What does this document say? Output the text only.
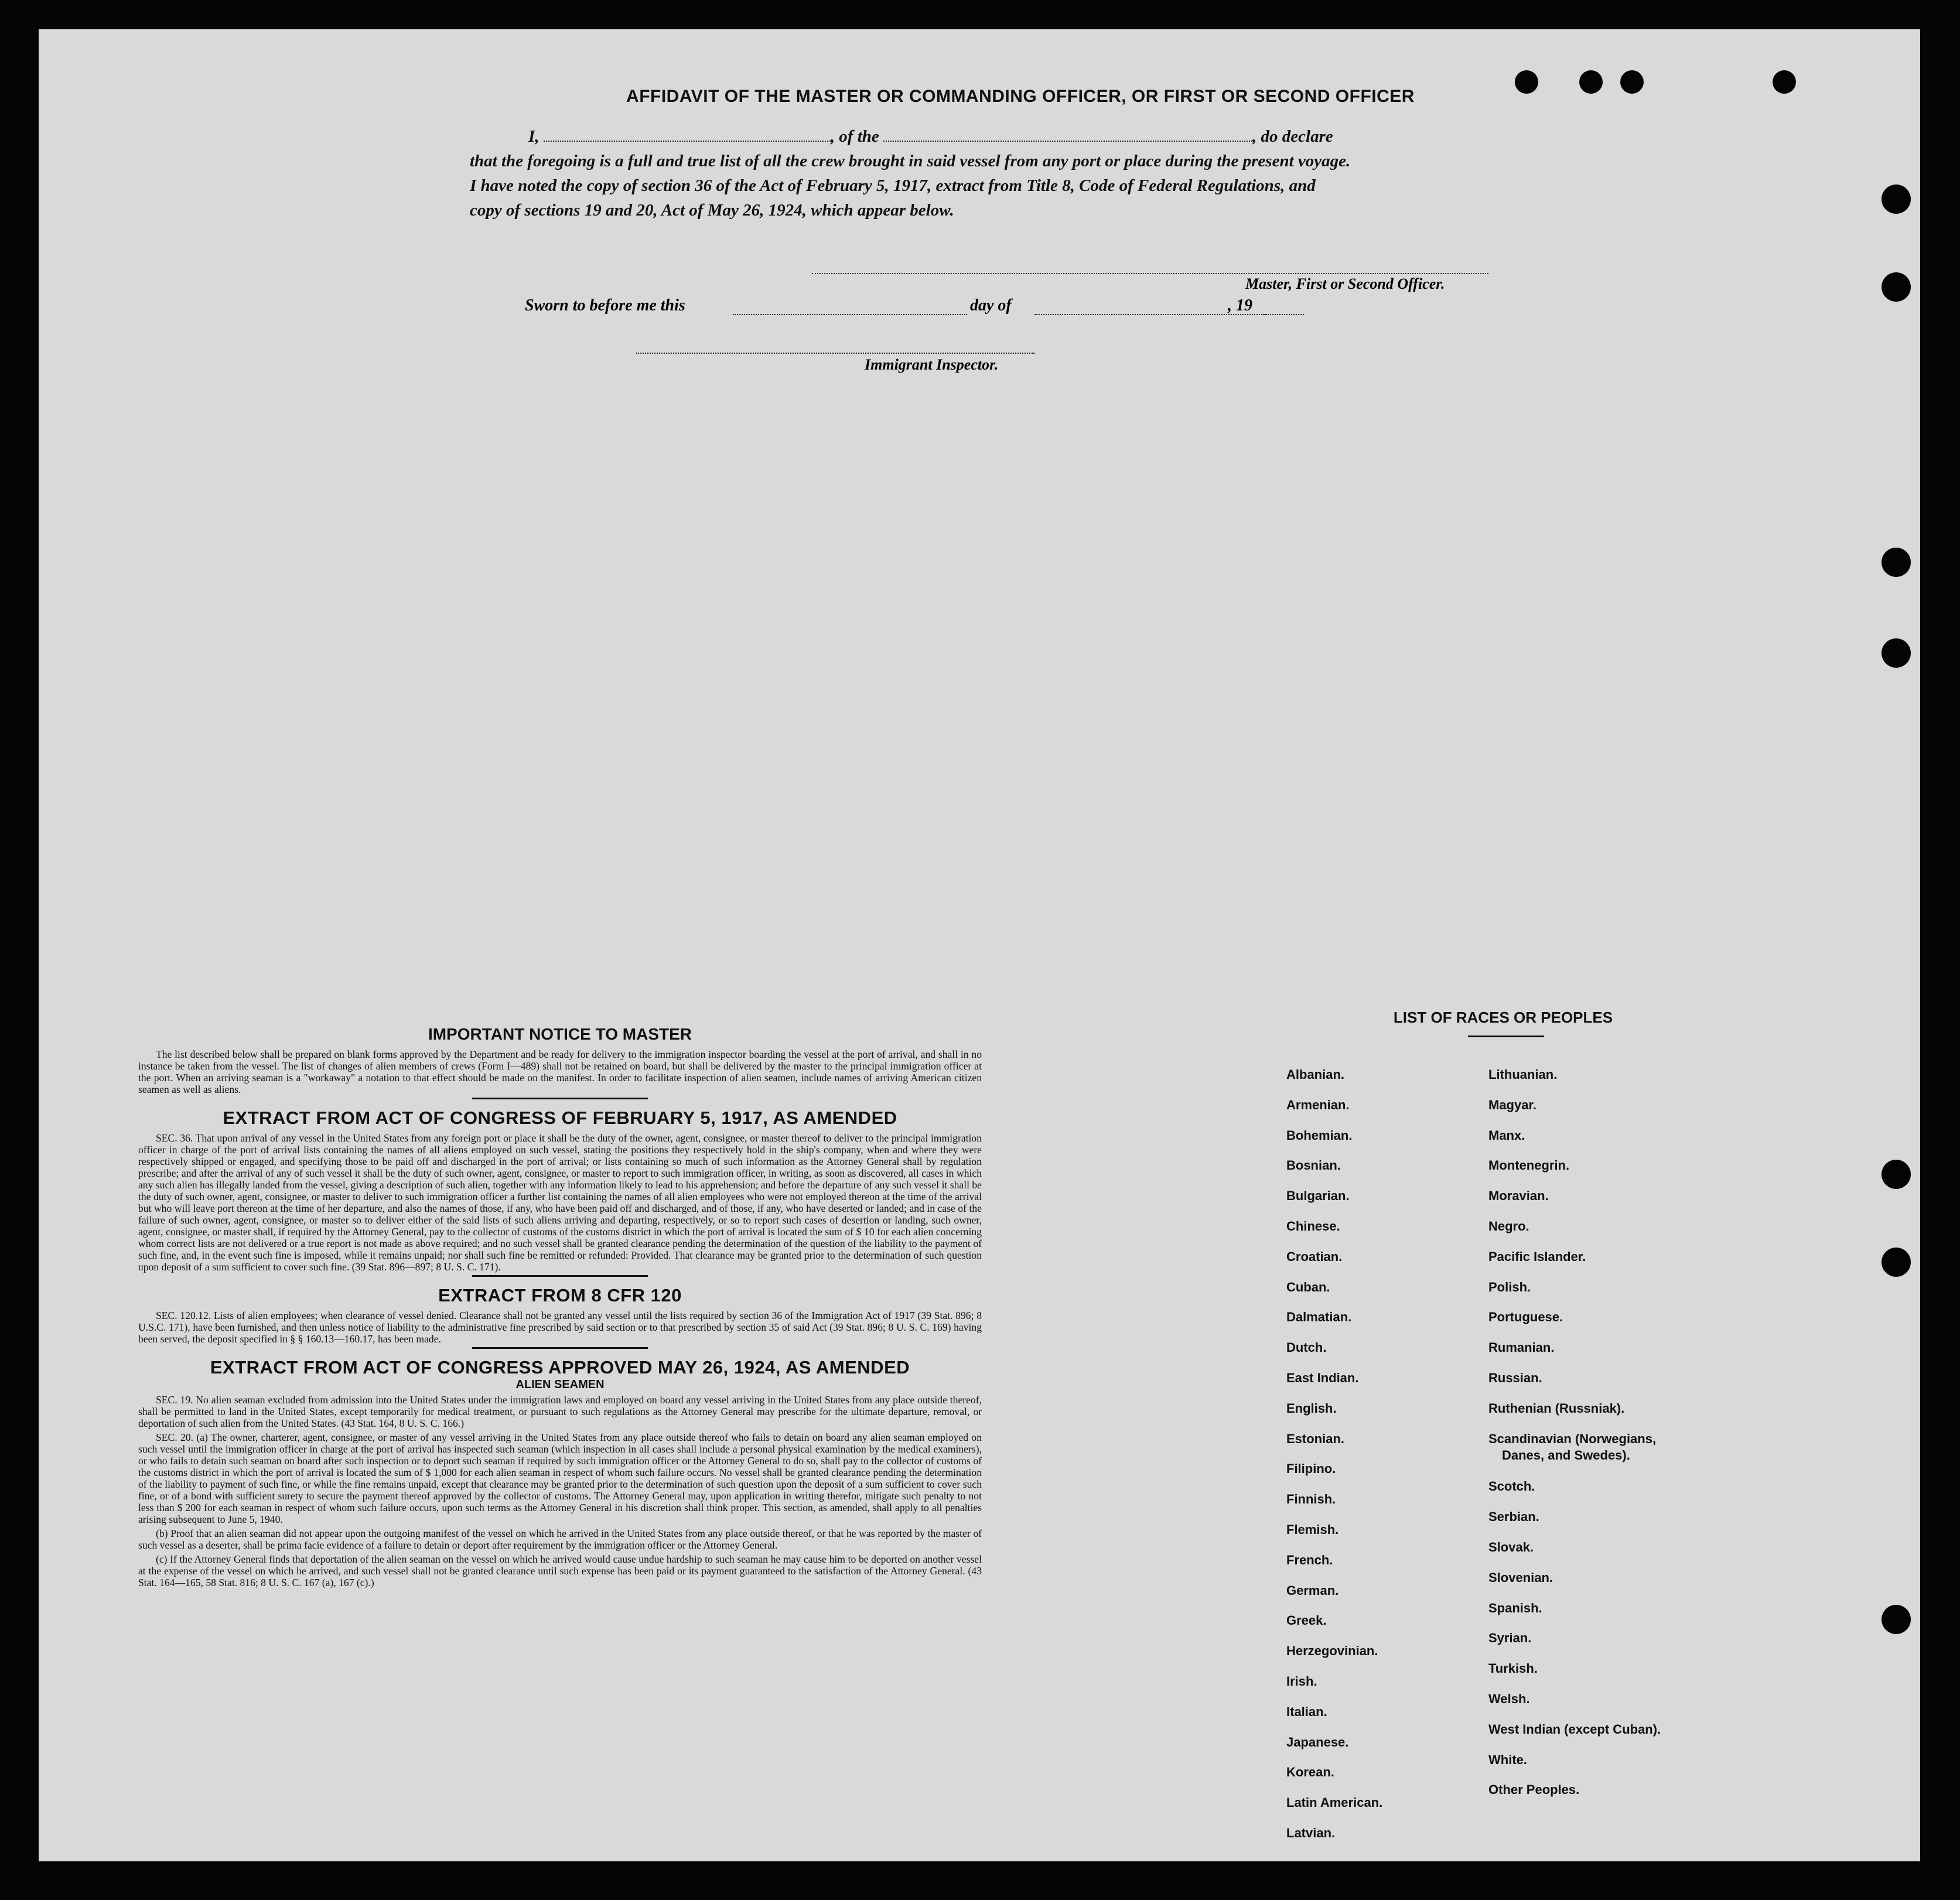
AFFIDAVIT OF THE MASTER OR COMMANDING OFFICER, OR FIRST OR SECOND OFFICER

I,	, of the	, do declare

that the foregoing is a full and true list of all the crew brought in said vessel from any port or place during the present voyage.

I have noted the copy of section 36 of the Act of February 5, 1917, extract from Title 8, Code of Federal Regulations, and

copy of sections 19 and 20, Act of May 26, 1924, which appear below.

Master, First or Second Officer.
Sworn to before me this	day of	, 19
Immigrant Inspector.

IMPORTANT NOTICE TO MASTER

The list described below shall be prepared on blank forms approved by the Department and be ready for delivery to the immigration inspector boarding the vessel at the port of arrival, and shall in no instance be taken from the vessel. The list of changes of alien members of crews (Form I—489) shall not be retained on board, but shall be delivered by the master to the principal immigration officer at the port. When an arriving seaman is a "workaway" a notation to that effect should be made on the manifest. In order to facilitate inspection of alien seamen, include names of arriving American citizen seamen as well as aliens.

EXTRACT FROM ACT OF CONGRESS OF FEBRUARY 5, 1917, AS AMENDED

SEC. 36. That upon arrival of any vessel in the United States from any foreign port or place it shall be the duty of the owner, agent, consignee, or master thereof to deliver to the principal immigration officer in charge of the port of arrival lists containing the names of all aliens employed on such vessel, stating the positions they respectively hold in the ship's company, when and where they were respectively shipped or engaged, and specifying those to be paid off and discharged in the port of arrival; or lists containing so much of such information as the Attorney General shall by regulation prescribe; and after the arrival of any of such vessel it shall be the duty of such owner, agent, consignee, or master to report to such immigration officer, in writing, as soon as discovered, all cases in which any such alien has illegally landed from the vessel, giving a description of such alien, together with any information likely to lead to his apprehension; and before the departure of any such vessel it shall be the duty of such owner, agent, consignee, or master to deliver to such immigration officer a further list containing the names of all alien employees who were not employed thereon at the time of the arrival but who will leave port thereon at the time of her departure, and also the names of those, if any, who have been paid off and discharged, and of those, if any, who have deserted or landed; and in case of the failure of such owner, agent, consignee, or master so to deliver either of the said lists of such aliens arriving and departing, respectively, or so to report such cases of desertion or landing, such owner, agent, consignee, or master shall, if required by the Attorney General, pay to the collector of customs of the customs district in which the port of arrival is located the sum of $ 10 for each alien concerning whom correct lists are not delivered or a true report is not made as above required; and no such vessel shall be granted clearance pending the determination of the question of the liability to the payment of such fine, and, in the event such fine is imposed, while it remains unpaid; nor shall such fine be remitted or refunded: Provided. That clearance may be granted prior to the determination of such question upon deposit of a sum sufficient to cover such fine. (39 Stat. 896—897; 8 U. S. C. 171).

EXTRACT FROM 8 CFR 120

SEC. 120.12. Lists of alien employees; when clearance of vessel denied. Clearance shall not be granted any vessel until the lists required by section 36 of the Immigration Act of 1917 (39 Stat. 896; 8 U.S.C. 171), have been furnished, and then unless notice of liability to the administrative fine prescribed by said section or to that prescribed by section 35 of said Act (39 Stat. 896; 8 U. S. C. 169) having been served, the deposit specified in § § 160.13—160.17, has been made.

EXTRACT FROM ACT OF CONGRESS APPROVED MAY 26, 1924, AS AMENDED

ALIEN SEAMEN

SEC. 19. No alien seaman excluded from admission into the United States under the immigration laws and employed on board any vessel arriving in the United States from any place outside thereof, shall be permitted to land in the United States, except temporarily for medical treatment, or pursuant to such regulations as the Attorney General may prescribe for the ultimate departure, removal, or deportation of such alien from the United States. (43 Stat. 164, 8 U. S. C. 166.)

SEC. 20. (a) The owner, charterer, agent, consignee, or master of any vessel arriving in the United States from any place outside thereof who fails to detain on board any alien seaman employed on such vessel until the immigration officer in charge at the port of arrival has inspected such seaman (which inspection in all cases shall include a personal physical examination by the medical examiners), or who fails to detain such seaman on board after such inspection or to deport such seaman if required by such immigration officer or the Attorney General to do so, shall pay to the collector of customs of the customs district in which the port of arrival is located the sum of $ 1,000 for each alien seaman in respect of whom such failure occurs. No vessel shall be granted clearance pending the determination of the liability to payment of such fine, or while the fine remains unpaid, except that clearance may be granted prior to the determination of such question upon the deposit of a sum sufficient to cover such fine, or of a bond with sufficient surety to secure the payment thereof approved by the collector of customs. The Attorney General may, upon application in writing therefor, mitigate such penalty to not less than $ 200 for each seaman in respect of whom such failure occurs, upon such terms as the Attorney General in his discretion shall think proper. This section, as amended, shall apply to all penalties arising subsequent to June 5, 1940.

(b) Proof that an alien seaman did not appear upon the outgoing manifest of the vessel on which he arrived in the United States from any place outside thereof, or that he was reported by the master of such vessel as a deserter, shall be prima facie evidence of a failure to detain or deport after requirement by the immigration officer or the Attorney General.

(c) If the Attorney General finds that deportation of the alien seaman on the vessel on which he arrived would cause undue hardship to such seaman he may cause him to be deported on another vessel at the expense of the vessel on which he arrived, and such vessel shall not be granted clearance until such expense has been paid or its payment guaranteed to the satisfaction of the Attorney General. (43 Stat. 164—165, 58 Stat. 816; 8 U. S. C. 167 (a), 167 (c).)

LIST OF RACES OR PEOPLES

Albanian.
Armenian.
Bohemian.
Bosnian.
Bulgarian.
Chinese.
Croatian.
Cuban.
Dalmatian.
Dutch.
East Indian.
English.
Estonian.
Filipino.
Finnish.
Flemish.
French.
German.
Greek.
Herzegovinian.
Irish.
Italian.
Japanese.
Korean.
Latin American.
Latvian.
Lithuanian.
Magyar.
Manx.
Montenegrin.
Moravian.
Negro.
Pacific Islander.
Polish.
Portuguese.
Rumanian.
Russian.
Ruthenian (Russniak).
Scandinavian (Norwegians,
Danes, and Swedes).
Scotch.
Serbian.
Slovak.
Slovenian.
Spanish.
Syrian.
Turkish.
Welsh.
West Indian (except Cuban).
White.
Other Peoples.
